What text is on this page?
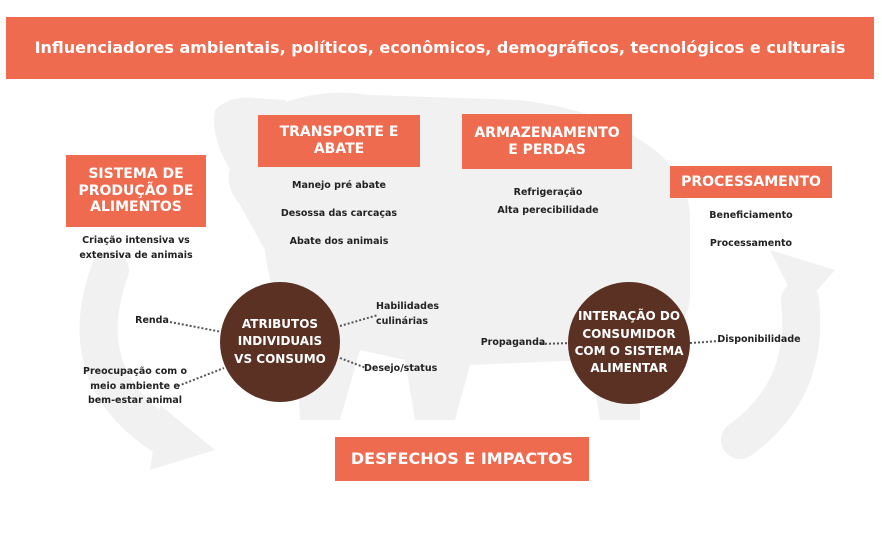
Influenciadores ambientais, políticos, econômicos, demográficos, tecnológicos e culturais
SISTEMA DE PRODUÇÃO DE ALIMENTOS
TRANSPORTE E ABATE
ARMAZENAMENTO E PERDAS
PROCESSAMENTO
Criação intensiva vs extensiva de animais
Manejo pré abate
Desossa das carcaças
Abate dos animais
Refrigeração
Alta perecibilidade	Beneficiamento
Processamento
ATRIBUTOS INDIVIDUAIS VS CONSUMO
Renda
Preocupação com o meio ambiente e bem-estar animal
Habilidades culinárias
Desejo/status
INTERAÇÃO DO CONSUMIDOR COM O SISTEMA ALIMENTAR
Propaganda	Disponibilidade
DESFECHOS E IMPACTOS
